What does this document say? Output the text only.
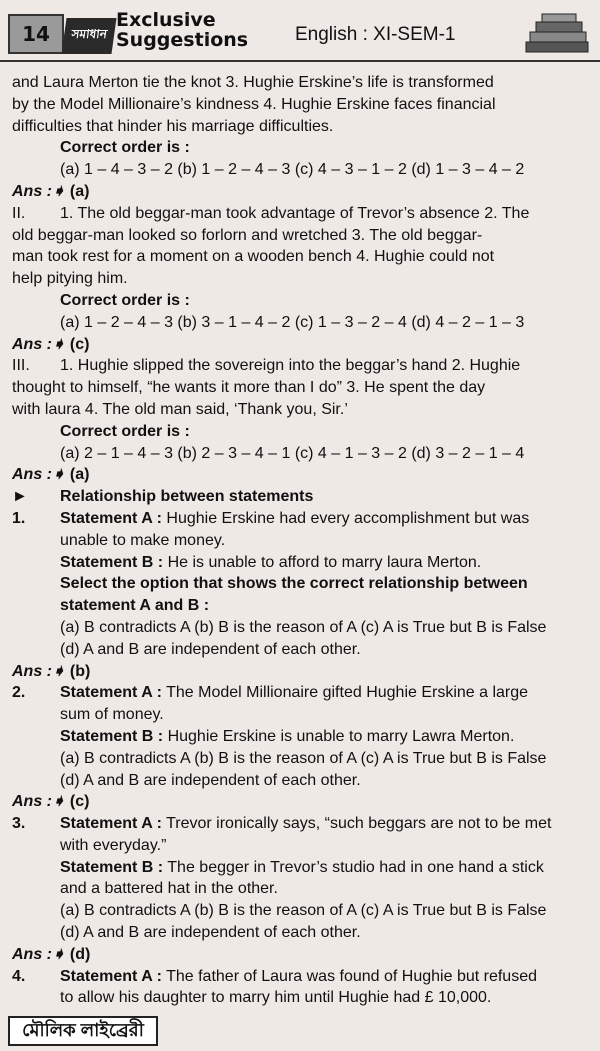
14	সমাধান
Exclusive
Suggestions English : XI-SEM-1
and Laura Merton tie the knot 3. Hughie Erskine’s life is transformed
by the Model Millionaire’s kindness 4. Hughie Erskine faces financial
difficulties that hinder his marriage difficulties.
Correct order is :
(a) 1 – 4 – 3 – 2 (b) 1 – 2 – 4 – 3 (c) 4 – 3 – 1 – 2 (d) 1 – 3 – 4 – 2
Ans :➧ (a)
II.	1. The old beggar-man took advantage of Trevor’s absence 2. The
old beggar-man looked so forlorn and wretched 3. The old beggar-
man took rest for a moment on a wooden bench 4. Hughie could not
help pitying him.
Correct order is :
(a) 1 – 2 – 4 – 3 (b) 3 – 1 – 4 – 2 (c) 1 – 3 – 2 – 4 (d) 4 – 2 – 1 – 3
Ans :➧ (c)
III.	1. Hughie slipped the sovereign into the beggar’s hand 2. Hughie
thought to himself, “he wants it more than I do” 3. He spent the day
with laura 4. The old man said, ‘Thank you, Sir.’
Correct order is :
(a) 2 – 1 – 4 – 3 (b) 2 – 3 – 4 – 1 (c) 4 – 1 – 3 – 2 (d) 3 – 2 – 1 – 4
Ans :➧ (a)
►	Relationship between statements
1.	Statement A : Hughie Erskine had every accomplishment but was
unable to make money.
Statement B : He is unable to afford to marry laura Merton.
Select the option that shows the correct relationship between
statement A and B :
(a) B contradicts A (b) B is the reason of A (c) A is True but B is False
(d) A and B are independent of each other.
Ans :➧ (b)
2.	Statement A : The Model Millionaire gifted Hughie Erskine a large
sum of money.
Statement B : Hughie Erskine is unable to marry Lawra Merton.
(a) B contradicts A (b) B is the reason of A (c) A is True but B is False
(d) A and B are independent of each other.
Ans :➧ (c)
3.	Statement A : Trevor ironically says, “such beggars are not to be met
with everyday.”
Statement B : The begger in Trevor’s studio had in one hand a stick
and a battered hat in the other.
(a) B contradicts A (b) B is the reason of A (c) A is True but B is False
(d) A and B are independent of each other.
Ans :➧ (d)
4.	Statement A : The father of Laura was found of Hughie but refused
to allow his daughter to marry him until Hughie had £ 10,000.
মৌলিক লাইব্রেরী
